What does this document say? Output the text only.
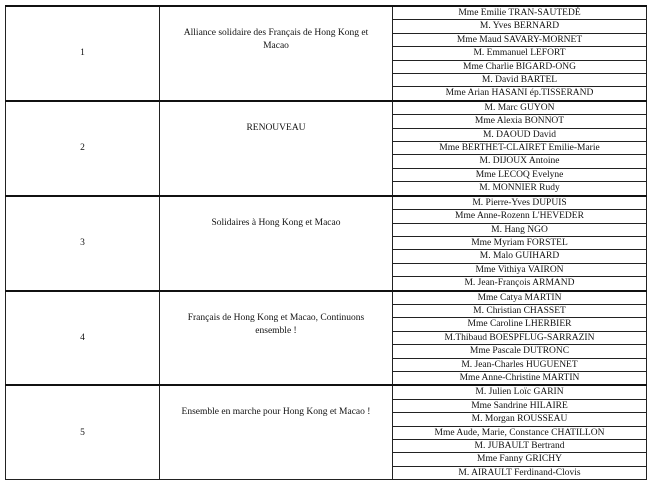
1	Alliance solidaire des Français de Hong Kong et Macao	Mme Emilie TRAN-SAUTEDÉ
		M. Yves BERNARD
		Mme Maud SAVARY-MORNET
		M. Emmanuel LEFORT
		Mme Charlie BIGARD-ONG
		M. David BARTEL
		Mme Arian HASANI ép.TISSERAND
2	RENOUVEAU	M. Marc GUYON
		Mme Alexia BONNOT
		M. DAOUD David
		Mme BERTHET-CLAIRET Emilie-Marie
		M. DIJOUX Antoine
		Mme LECOQ Evelyne
		M. MONNIER Rudy
3	Solidaires à Hong Kong et Macao	M. Pierre-Yves DUPUIS
		Mme Anne-Rozenn L'HEVEDER
		M. Hang NGO
		Mme Myriam FORSTEL
		M. Malo GUIHARD
		Mme Vithiya VAIRON
		M. Jean-François ARMAND
4	Français de Hong Kong et Macao, Continuons ensemble !	Mme Catya MARTIN
		M. Christian CHASSET
		Mme Caroline LHERBIER
		M.Thibaud BOESPFLUG-SARRAZIN
		Mme Pascale DUTRONC
		M. Jean-Charles HUGUENET
		Mme Anne-Christine MARTIN
5	Ensemble en marche pour Hong Kong et Macao !	M. Julien Loïc GARIN
		Mme Sandrine HILAIRE
		M. Morgan ROUSSEAU
		Mme Aude, Marie, Constance CHATILLON
		M. JUBAULT Bertrand
		Mme Fanny GRICHY
		M. AIRAULT Ferdinand-Clovis
